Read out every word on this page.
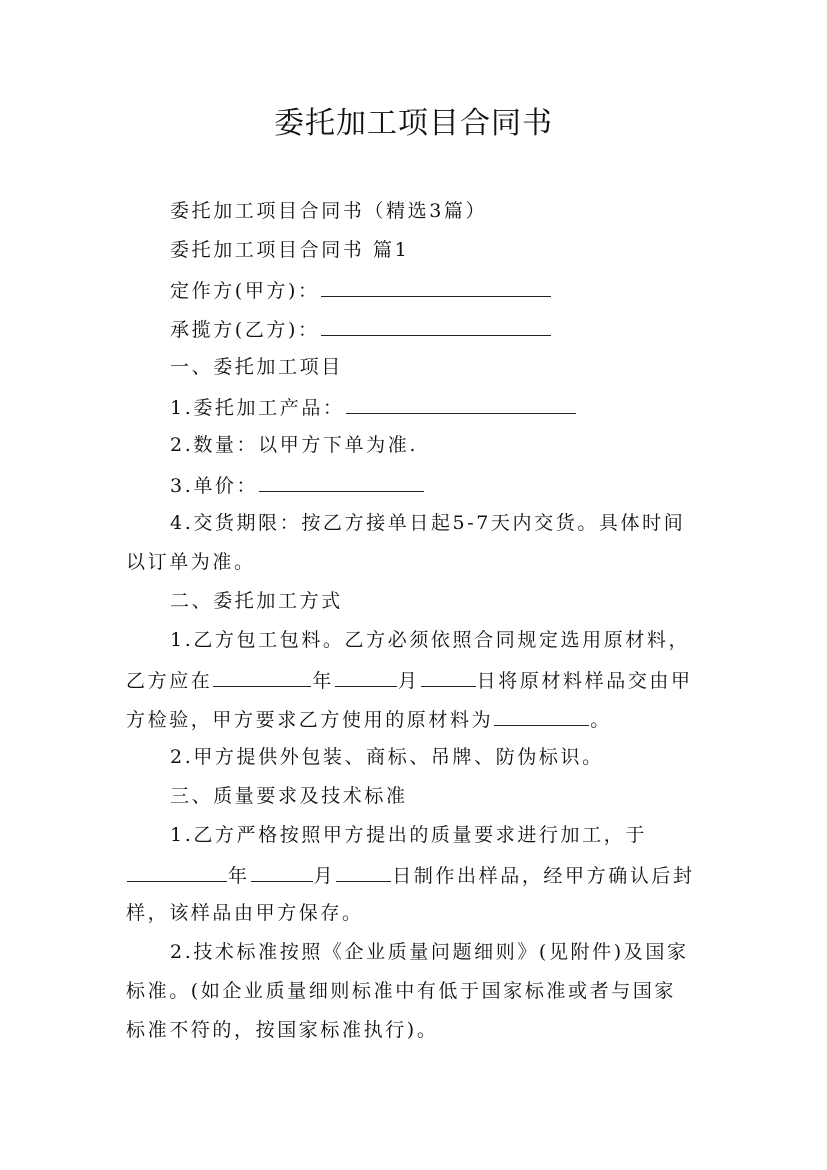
委托加工项目合同书
委托加工项目合同书（精选3篇）
委托加工项目合同书 篇1
定作方(甲方)：
承揽方(乙方)：
一、委托加工项目
1.委托加工产品：
2.数量：以甲方下单为准.
3.单价：
4.交货期限：按乙方接单日起5-7天内交货。具体时间
以订单为准。
二、委托加工方式
1.乙方包工包料。乙方必须依照合同规定选用原材料，
乙方应在	年	月	日将原材料样品交由甲
方检验，甲方要求乙方使用的原材料为	。
2.甲方提供外包装、商标、吊牌、防伪标识。
三、质量要求及技术标准
1.乙方严格按照甲方提出的质量要求进行加工，于
年	月	日制作出样品，经甲方确认后封
样，该样品由甲方保存。
2.技术标准按照《企业质量问题细则》(见附件)及国家
标准。(如企业质量细则标准中有低于国家标准或者与国家
标准不符的，按国家标准执行)。
